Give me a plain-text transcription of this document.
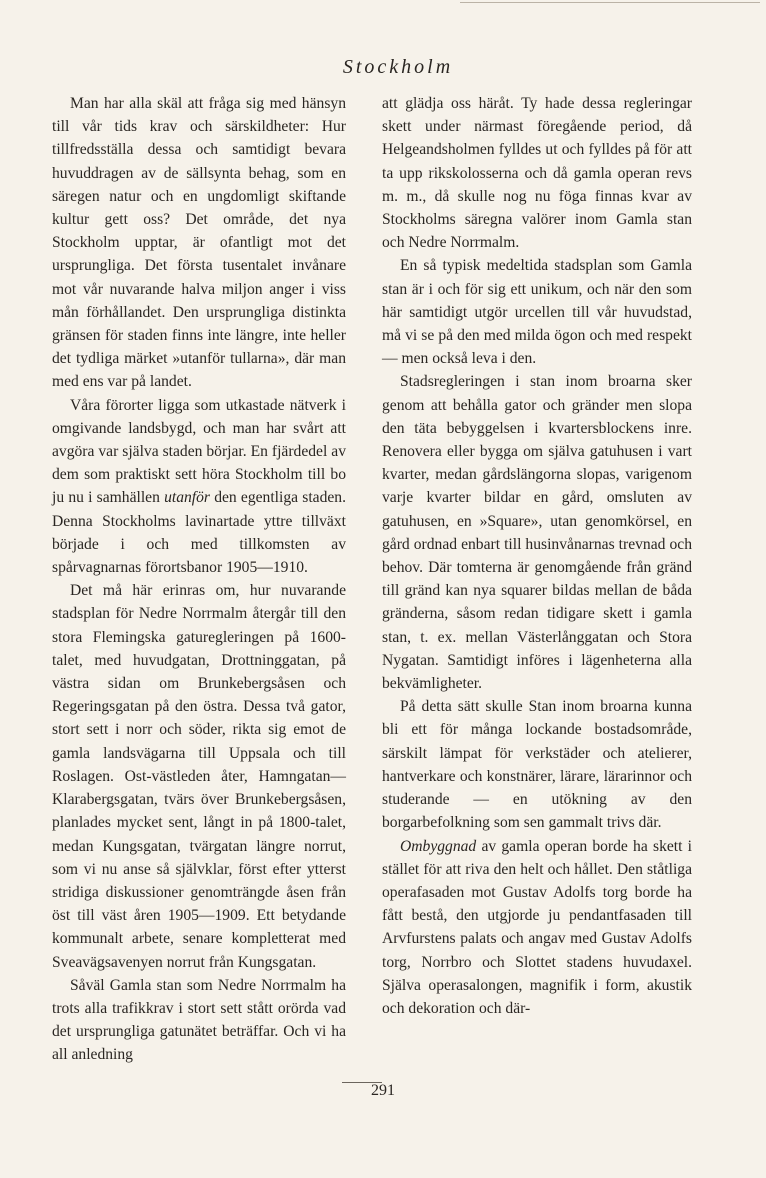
Stockholm

Man har alla skäl att fråga sig med hänsyn till vår tids krav och särskildheter: Hur tillfredsställa dessa och samtidigt bevara huvuddragen av de sällsynta behag, som en säregen natur och en ungdomligt skiftande kultur gett oss? Det område, det nya Stockholm upptar, är ofantligt mot det ursprungliga. Det första tusentalet invånare mot vår nuvarande halva miljon anger i viss mån förhållandet. Den ursprungliga distinkta gränsen för staden finns inte längre, inte heller det tydliga märket »utanför tullarna», där man med ens var på landet.

Våra förorter ligga som utkastade nätverk i omgivande landsbygd, och man har svårt att avgöra var själva staden börjar. En fjärdedel av dem som praktiskt sett höra Stockholm till bo ju nu i samhällen utanför den egentliga staden. Denna Stockholms lavinartade yttre tillväxt började i och med tillkomsten av spårvagnarnas förortsbanor 1905—1910.

Det må här erinras om, hur nuvarande stadsplan för Nedre Norrmalm återgår till den stora Flemingska gaturegleringen på 1600-talet, med huvudgatan, Drottninggatan, på västra sidan om Brunkebergsåsen och Regeringsgatan på den östra. Dessa två gator, stort sett i norr och söder, rikta sig emot de gamla landsvägarna till Uppsala och till Roslagen. Ost-västleden åter, Hamngatan—Klarabergsgatan, tvärs över Brunkebergsåsen, planlades mycket sent, långt in på 1800-talet, medan Kungsgatan, tvärgatan längre norrut, som vi nu anse så självklar, först efter ytterst stridiga diskussioner genomträngde åsen från öst till väst åren 1905—1909. Ett betydande kommunalt arbete, senare kompletterat med Sveavägsavenyen norrut från Kungsgatan.

Såväl Gamla stan som Nedre Norrmalm ha trots alla trafikkrav i stort sett stått orörda vad det ursprungliga gatunätet beträffar. Och vi ha all anledning

att glädja oss häråt. Ty hade dessa regleringar skett under närmast föregående period, då Helgeandsholmen fylldes ut och fylldes på för att ta upp rikskolosserna och då gamla operan revs m. m., då skulle nog nu föga finnas kvar av Stockholms säregna valörer inom Gamla stan och Nedre Norrmalm.

En så typisk medeltida stadsplan som Gamla stan är i och för sig ett unikum, och när den som här samtidigt utgör urcellen till vår huvudstad, må vi se på den med milda ögon och med respekt — men också leva i den.

Stadsregleringen i stan inom broarna sker genom att behålla gator och gränder men slopa den täta bebyggelsen i kvartersblockens inre. Renovera eller bygga om själva gatuhusen i vart kvarter, medan gårdslängorna slopas, varigenom varje kvarter bildar en gård, omsluten av gatuhusen, en »Square», utan genomkörsel, en gård ordnad enbart till husinvånarnas trevnad och behov. Där tomterna är genomgående från gränd till gränd kan nya squarer bildas mellan de båda gränderna, såsom redan tidigare skett i gamla stan, t. ex. mellan Västerlånggatan och Stora Nygatan. Samtidigt införes i lägenheterna alla bekvämligheter.

På detta sätt skulle Stan inom broarna kunna bli ett för många lockande bostadsområde, särskilt lämpat för verkstäder och atelierer, hantverkare och konstnärer, lärare, lärarinnor och studerande — en utökning av den borgarbefolkning som sen gammalt trivs där.

Ombyggnad av gamla operan borde ha skett i stället för att riva den helt och hållet. Den ståtliga operafasaden mot Gustav Adolfs torg borde ha fått bestå, den utgjorde ju pendantfasaden till Arvfurstens palats och angav med Gustav Adolfs torg, Norrbro och Slottet stadens huvudaxel. Själva operasalongen, magnifik i form, akustik och dekoration och där-

291
